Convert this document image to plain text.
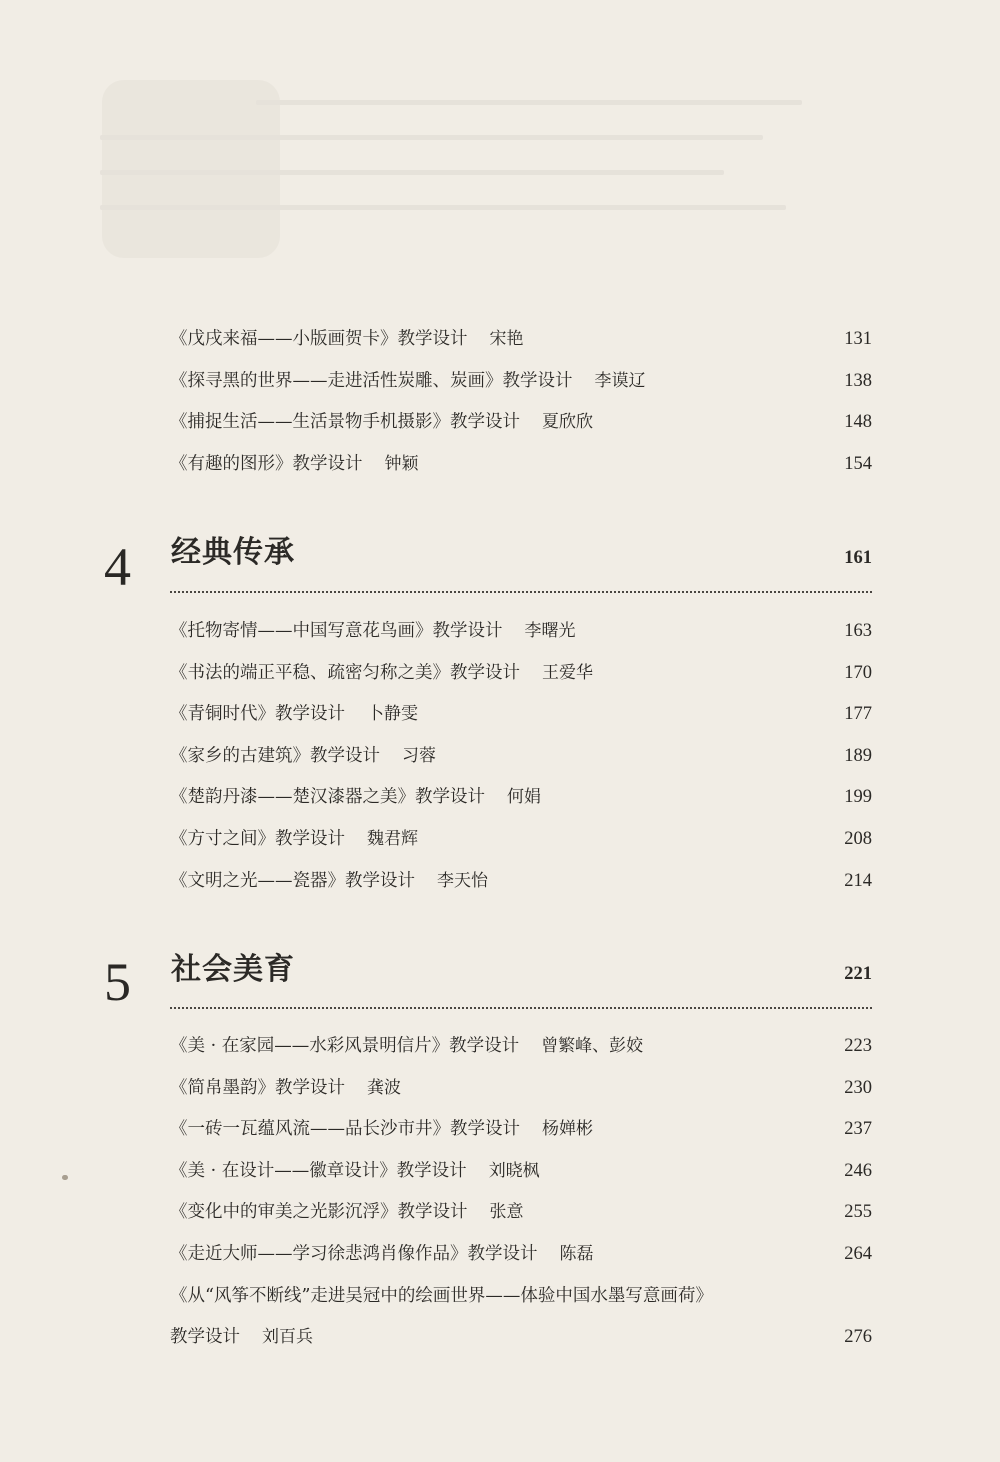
《戊戌来福——小版画贺卡》教学设计 宋艳	131
《探寻黑的世界——走进活性炭雕、炭画》教学设计 李谟辽	138
《捕捉生活——生活景物手机摄影》教学设计 夏欣欣	148
《有趣的图形》教学设计 钟颖	154
4 经典传承	161
《托物寄情——中国写意花鸟画》教学设计 李曙光	163
《书法的端正平稳、疏密匀称之美》教学设计 王爱华	170
《青铜时代》教学设计 卜静雯	177
《家乡的古建筑》教学设计 习蓉	189
《楚韵丹漆——楚汉漆器之美》教学设计 何娟	199
《方寸之间》教学设计 魏君辉	208
《文明之光——瓷器》教学设计 李天怡	214
5 社会美育	221
《美 · 在家园——水彩风景明信片》教学设计 曾繁峰、彭姣	223
《简帛墨韵》教学设计 龚波	230
《一砖一瓦蕴风流——品长沙市井》教学设计 杨婵彬	237
《美 · 在设计——徽章设计》教学设计 刘晓枫	246
《变化中的审美之光影沉浮》教学设计 张意	255
《走近大师——学习徐悲鸿肖像作品》教学设计 陈磊	264
《从“风筝不断线”走进吴冠中的绘画世界——体验中国水墨写意画荷》
教学设计 刘百兵	276
